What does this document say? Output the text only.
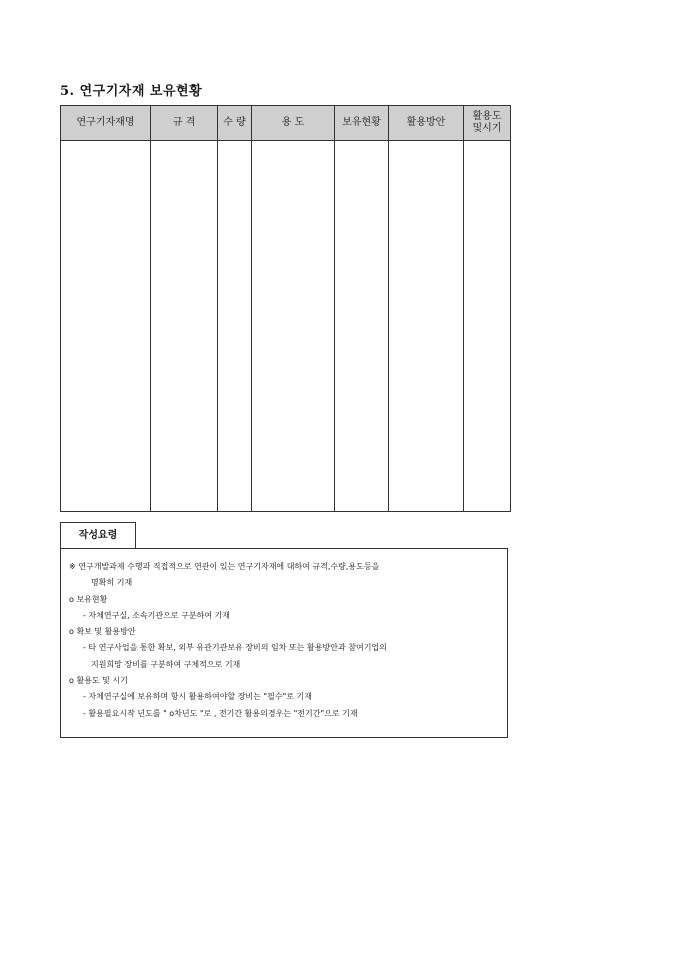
5. 연구기자재 보유현황
연구기자재명	규 격	수 량	용 도	보유현황	활용방안	활용도
및시기

작성요령
※ 연구개발과제 수행과 직접적으로 연관이 있는 연구기자재에 대하여 규격,수량,용도등을
명확히 기재
o 보유현황
- 자체연구실, 소속기관으로 구분하여 기재
o 확보 및 활용방안
- 타 연구사업을 통한 확보, 외부 유관기관보유 장비의 임차 또는 활용방안과 참여기업의
지원희망 장비를 구분하여 구체적으로 기재
o 활용도 및 시기
- 자체연구실에 보유하며 항시 활용하여야할 장비는 "필수"로 기재
- 활용필요시작 년도를 " o차년도 "로 , 전기간 활용의경우는 "전기간"으로 기재
